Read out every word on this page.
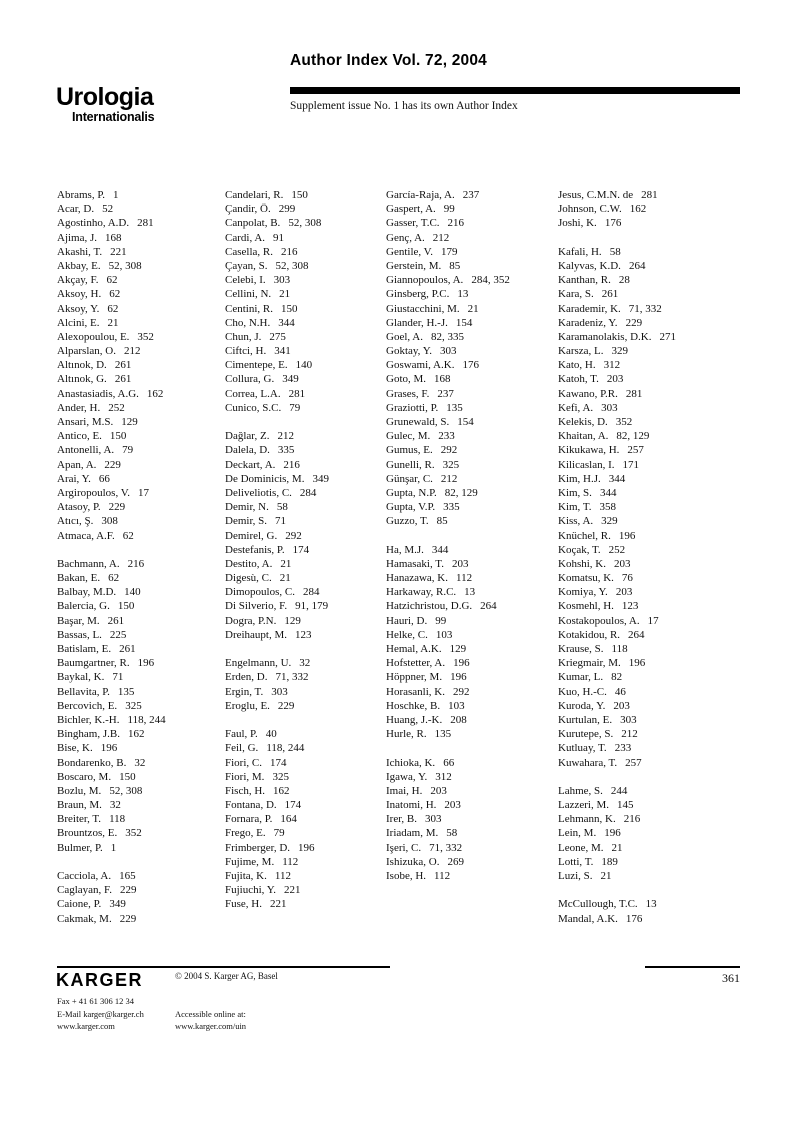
Author Index Vol. 72, 2004
Urologia
Internationalis
Supplement issue No. 1 has its own Author Index
Abrams, P. 1
Acar, D. 52
Agostinho, A.D. 281
Ajima, J. 168
Akashi, T. 221
Akbay, E. 52, 308
Akçay, F. 62
Aksoy, H. 62
Aksoy, Y. 62
Alcini, E. 21
Alexopoulou, E. 352
Alparslan, O. 212
Altınok, D. 261
Altınok, G. 261
Anastasiadis, A.G. 162
Ander, H. 252
Ansari, M.S. 129
Antico, E. 150
Antonelli, A. 79
Apan, A. 229
Arai, Y. 66
Argiropoulos, V. 17
Atasoy, P. 229
Atıcı, Ş. 308
Atmaca, A.F. 62
Bachmann, A. 216
Bakan, E. 62
Balbay, M.D. 140
Balercia, G. 150
Başar, M. 261
Bassas, L. 225
Batislam, E. 261
Baumgartner, R. 196
Baykal, K. 71
Bellavita, P. 135
Bercovich, E. 325
Bichler, K.-H. 118, 244
Bingham, J.B. 162
Bise, K. 196
Bondarenko, B. 32
Boscaro, M. 150
Bozlu, M. 52, 308
Braun, M. 32
Breiter, T. 118
Brountzos, E. 352
Bulmer, P. 1
Cacciola, A. 165
Caglayan, F. 229
Caione, P. 349
Cakmak, M. 229
Candelari, R. 150
Çandir, Ö. 299
Canpolat, B. 52, 308
Cardi, A. 91
Casella, R. 216
Çayan, S. 52, 308
Celebi, I. 303
Cellini, N. 21
Centini, R. 150
Cho, N.H. 344
Chun, J. 275
Ciftci, H. 341
Cimentepe, E. 140
Collura, G. 349
Correa, L.A. 281
Cunico, S.C. 79
Dağlar, Z. 212
Dalela, D. 335
Deckart, A. 216
De Dominicis, M. 349
Deliveliotis, C. 284
Demir, N. 58
Demir, S. 71
Demirel, G. 292
Destefanis, P. 174
Destito, A. 21
Digesù, C. 21
Dimopoulos, C. 284
Di Silverio, F. 91, 179
Dogra, P.N. 129
Dreihaupt, M. 123
Engelmann, U. 32
Erden, D. 71, 332
Ergin, T. 303
Eroglu, E. 229
Faul, P. 40
Feil, G. 118, 244
Fiori, C. 174
Fiori, M. 325
Fisch, H. 162
Fontana, D. 174
Fornara, P. 164
Frego, E. 79
Frimberger, D. 196
Fujime, M. 112
Fujita, K. 112
Fujiuchi, Y. 221
Fuse, H. 221
García-Raja, A. 237
Gaspert, A. 99
Gasser, T.C. 216
Genç, A. 212
Gentile, V. 179
Gerstein, M. 85
Giannopoulos, A. 284, 352
Ginsberg, P.C. 13
Giustacchini, M. 21
Glander, H.-J. 154
Goel, A. 82, 335
Goktay, Y. 303
Goswami, A.K. 176
Goto, M. 168
Grases, F. 237
Graziotti, P. 135
Grunewald, S. 154
Gulec, M. 233
Gumus, E. 292
Gunelli, R. 325
Günşar, C. 212
Gupta, N.P. 82, 129
Gupta, V.P. 335
Guzzo, T. 85
Ha, M.J. 344
Hamasaki, T. 203
Hanazawa, K. 112
Harkaway, R.C. 13
Hatzichristou, D.G. 264
Hauri, D. 99
Helke, C. 103
Hemal, A.K. 129
Hofstetter, A. 196
Höppner, M. 196
Horasanli, K. 292
Hoschke, B. 103
Huang, J.-K. 208
Hurle, R. 135
Ichioka, K. 66
Igawa, Y. 312
Imai, H. 203
Inatomi, H. 203
Irer, B. 303
Iriadam, M. 58
Işeri, C. 71, 332
Ishizuka, O. 269
Isobe, H. 112
Jesus, C.M.N. de 281
Johnson, C.W. 162
Joshi, K. 176
Kafali, H. 58
Kalyvas, K.D. 264
Kanthan, R. 28
Kara, S. 261
Karademir, K. 71, 332
Karadeniz, Y. 229
Karamanolakis, D.K. 271
Karsza, L. 329
Kato, H. 312
Katoh, T. 203
Kawano, P.R. 281
Kefi, A. 303
Kelekis, D. 352
Khaitan, A. 82, 129
Kikukawa, H. 257
Kilicaslan, I. 171
Kim, H.J. 344
Kim, S. 344
Kim, T. 358
Kiss, A. 329
Knüchel, R. 196
Koçak, T. 252
Kohshi, K. 203
Komatsu, K. 76
Komiya, Y. 203
Kosmehl, H. 123
Kostakopoulos, A. 17
Kotakidou, R. 264
Krause, S. 118
Kriegmair, M. 196
Kumar, L. 82
Kuo, H.-C. 46
Kuroda, Y. 203
Kurtulan, E. 303
Kurutepe, S. 212
Kutluay, T. 233
Kuwahara, T. 257
Lahme, S. 244
Lazzeri, M. 145
Lehmann, K. 216
Lein, M. 196
Leone, M. 21
Lotti, T. 189
Luzi, S. 21
McCullough, T.C. 13
Mandal, A.K. 176
KARGER	© 2004 S. Karger AG, Basel
Fax + 41 61 306 12 34
E-Mail karger@karger.ch
www.karger.com
Accessible online at:
www.karger.com/uin
361
